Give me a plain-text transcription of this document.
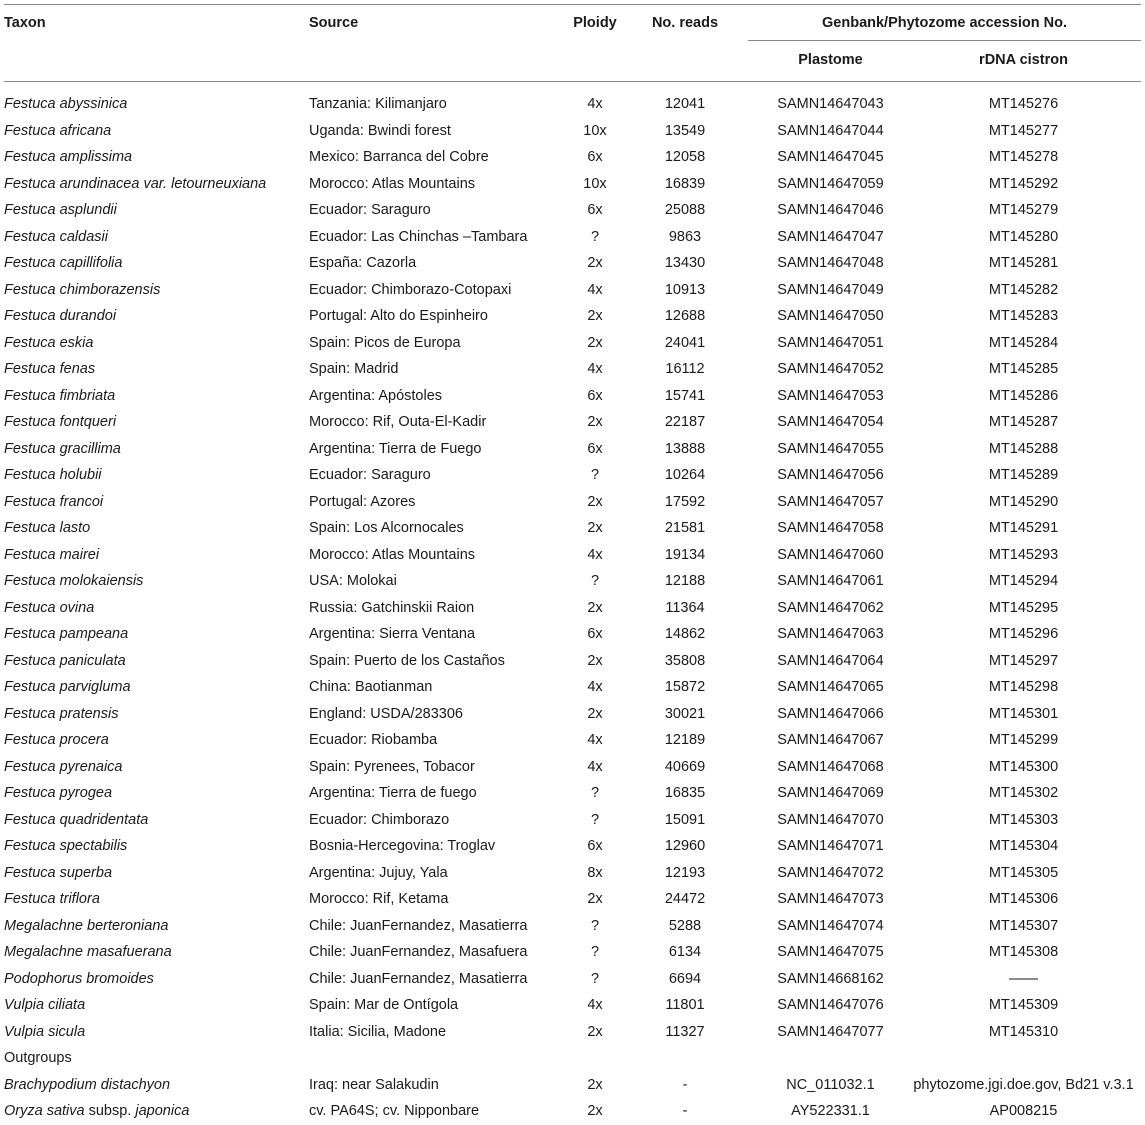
Taxon	Source	Ploidy	No. reads	Genbank/Phytozome accession No.
Plastome	rDNA cistron
Festuca abyssinica	Tanzania: Kilimanjaro	4x	12041	SAMN14647043	MT145276
Festuca africana	Uganda: Bwindi forest	10x	13549	SAMN14647044	MT145277
Festuca amplissima	Mexico: Barranca del Cobre	6x	12058	SAMN14647045	MT145278
Festuca arundinacea var. letourneuxiana	Morocco: Atlas Mountains	10x	16839	SAMN14647059	MT145292
Festuca asplundii	Ecuador: Saraguro	6x	25088	SAMN14647046	MT145279
Festuca caldasii	Ecuador: Las Chinchas –Tambara	?	9863	SAMN14647047	MT145280
Festuca capillifolia	España: Cazorla	2x	13430	SAMN14647048	MT145281
Festuca chimborazensis	Ecuador: Chimborazo-Cotopaxi	4x	10913	SAMN14647049	MT145282
Festuca durandoi	Portugal: Alto do Espinheiro	2x	12688	SAMN14647050	MT145283
Festuca eskia	Spain: Picos de Europa	2x	24041	SAMN14647051	MT145284
Festuca fenas	Spain: Madrid	4x	16112	SAMN14647052	MT145285
Festuca fimbriata	Argentina: Apóstoles	6x	15741	SAMN14647053	MT145286
Festuca fontqueri	Morocco: Rif, Outa-El-Kadir	2x	22187	SAMN14647054	MT145287
Festuca gracillima	Argentina: Tierra de Fuego	6x	13888	SAMN14647055	MT145288
Festuca holubii	Ecuador: Saraguro	?	10264	SAMN14647056	MT145289
Festuca francoi	Portugal: Azores	2x	17592	SAMN14647057	MT145290
Festuca lasto	Spain: Los Alcornocales	2x	21581	SAMN14647058	MT145291
Festuca mairei	Morocco: Atlas Mountains	4x	19134	SAMN14647060	MT145293
Festuca molokaiensis	USA: Molokai	?	12188	SAMN14647061	MT145294
Festuca ovina	Russia: Gatchinskii Raion	2x	11364	SAMN14647062	MT145295
Festuca pampeana	Argentina: Sierra Ventana	6x	14862	SAMN14647063	MT145296
Festuca paniculata	Spain: Puerto de los Castaños	2x	35808	SAMN14647064	MT145297
Festuca parvigluma	China: Baotianman	4x	15872	SAMN14647065	MT145298
Festuca pratensis	England: USDA/283306	2x	30021	SAMN14647066	MT145301
Festuca procera	Ecuador: Riobamba	4x	12189	SAMN14647067	MT145299
Festuca pyrenaica	Spain: Pyrenees, Tobacor	4x	40669	SAMN14647068	MT145300
Festuca pyrogea	Argentina: Tierra de fuego	?	16835	SAMN14647069	MT145302
Festuca quadridentata	Ecuador: Chimborazo	?	15091	SAMN14647070	MT145303
Festuca spectabilis	Bosnia-Hercegovina: Troglav	6x	12960	SAMN14647071	MT145304
Festuca superba	Argentina: Jujuy, Yala	8x	12193	SAMN14647072	MT145305
Festuca triflora	Morocco: Rif, Ketama	2x	24472	SAMN14647073	MT145306
Megalachne berteroniana	Chile: JuanFernandez, Masatierra	?	5288	SAMN14647074	MT145307
Megalachne masafuerana	Chile: JuanFernandez, Masafuera	?	6134	SAMN14647075	MT145308
Podophorus bromoides	Chile: JuanFernandez, Masatierra	?	6694	SAMN14668162	——
Vulpia ciliata	Spain: Mar de Ontígola	4x	11801	SAMN14647076	MT145309
Vulpia sicula	Italia: Sicilia, Madone	2x	11327	SAMN14647077	MT145310
Outgroups
Brachypodium distachyon	Iraq: near Salakudin	2x	-	NC_011032.1	phytozome.jgi.doe.gov, Bd21 v.3.1
Oryza sativa subsp. japonica	cv. PA64S; cv. Nipponbare	2x	-	AY522331.1	AP008215
